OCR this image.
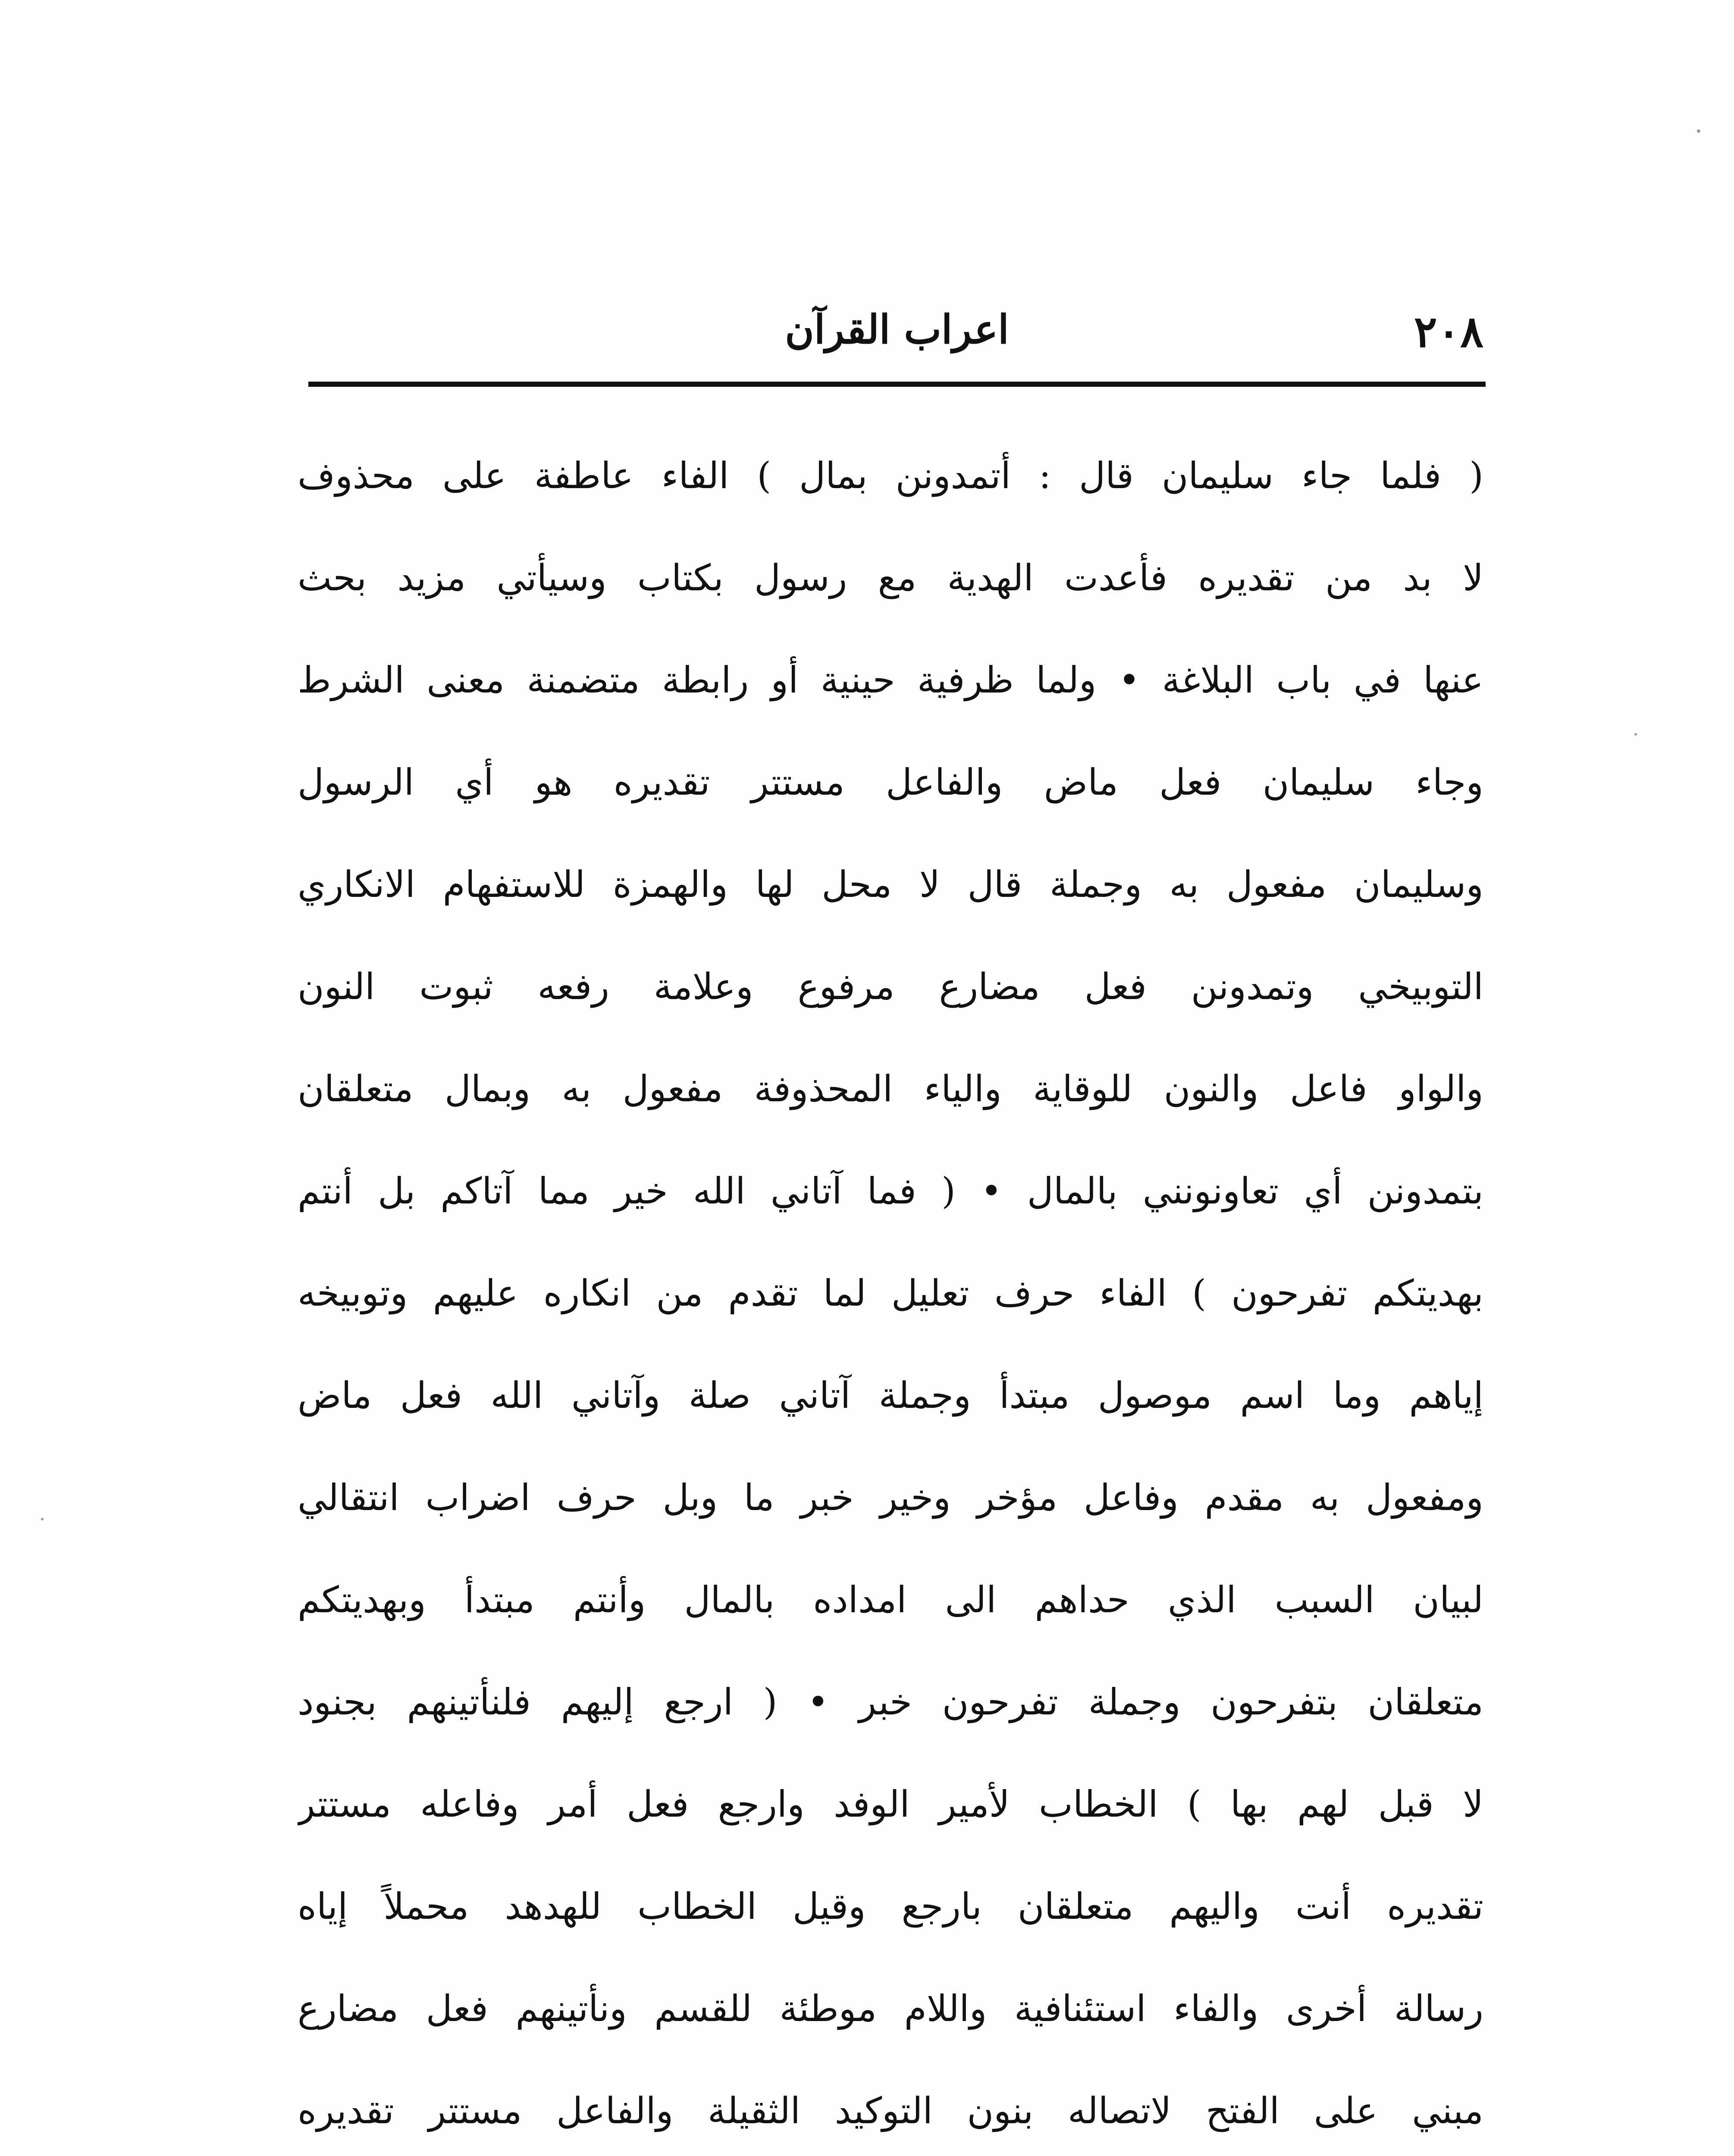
٢٠٨
اعراب القرآن
( فلما جاء سليمان قال : أتمدونن بمال ) الفاء عاطفة على محذوف
لا بد من تقديره فأعدت الهدية مع رسول بكتاب وسيأتي مزيد بحث
عنها في باب البلاغة • ولما ظرفية حينية أو رابطة متضمنة معنى الشرط
وجاء سليمان فعل ماض والفاعل مستتر تقديره هو أي الرسول
وسليمان مفعول به وجملة قال لا محل لها والهمزة للاستفهام الانكاري
التوبيخي وتمدونن فعل مضارع مرفوع وعلامة رفعه ثبوت النون
والواو فاعل والنون للوقاية والياء المحذوفة مفعول به وبمال متعلقان
بتمدونن أي تعاونونني بالمال • ( فما آتاني الله خير مما آتاكم بل أنتم
بهديتكم تفرحون ) الفاء حرف تعليل لما تقدم من انكاره عليهم وتوبيخه
إياهم وما اسم موصول مبتدأ وجملة آتاني صلة وآتاني الله فعل ماض
ومفعول به مقدم وفاعل مؤخر وخير خبر ما وبل حرف اضراب انتقالي
لبيان السبب الذي حداهم الى امداده بالمال وأنتم مبتدأ وبهديتكم
متعلقان بتفرحون وجملة تفرحون خبر • ( ارجع إليهم فلنأتينهم بجنود
لا قبل لهم بها ) الخطاب لأمير الوفد وارجع فعل أمر وفاعله مستتر
تقديره أنت واليهم متعلقان بارجع وقيل الخطاب للهدهد محملاً إياه
رسالة أخرى والفاء استئنافية واللام موطئة للقسم ونأتينهم فعل مضارع
مبني على الفتح لاتصاله بنون التوكيد الثقيلة والفاعل مستتر تقديره
